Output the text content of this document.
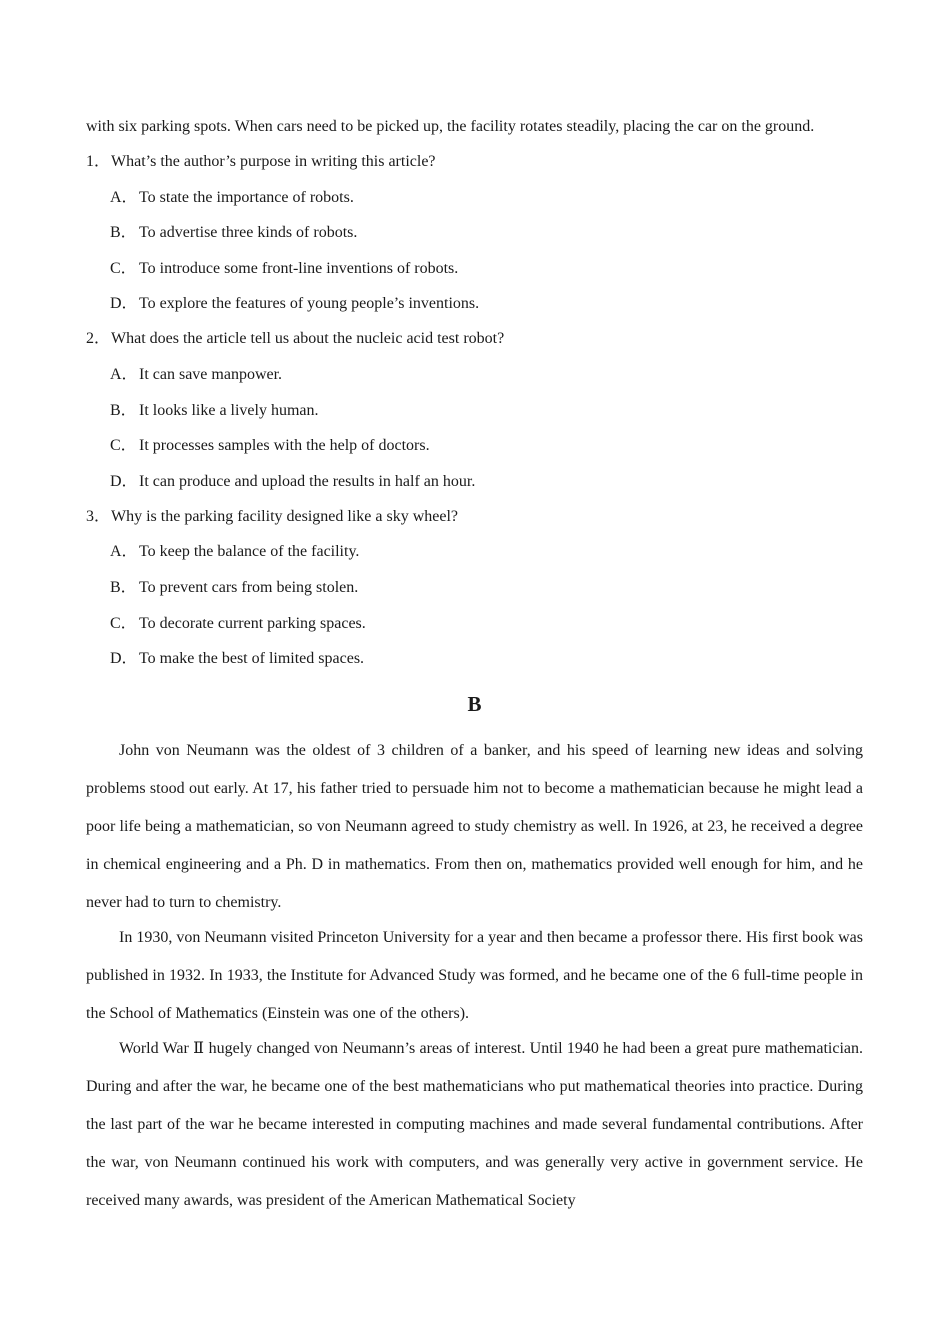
with six parking spots. When cars need to be picked up, the facility rotates steadily, placing the car on the ground.

1．What’s the author’s purpose in writing this article?
A．To state the importance of robots.
B． To advertise three kinds of robots.
C． To introduce some front-line inventions of robots.
D．To explore the features of young people’s inventions.
2．What does the article tell us about the nucleic acid test robot?
A．It can save manpower.
B． It looks like a lively human.
C． It processes samples with the help of doctors.
D．It can produce and upload the results in half an hour.
3．Why is the parking facility designed like a sky wheel?
A．To keep the balance of the facility.
B． To prevent cars from being stolen.
C． To decorate current parking spaces.
D．To make the best of limited spaces.
B

John von Neumann was the oldest of 3 children of a banker, and his speed of learning new ideas and solving problems stood out early. At 17, his father tried to persuade him not to become a mathematician because he might lead a poor life being a mathematician, so von Neumann agreed to study chemistry as well. In 1926, at 23, he received a degree in chemical engineering and a Ph. D in mathematics. From then on, mathematics provided well enough for him, and he never had to turn to chemistry.

In 1930, von Neumann visited Princeton University for a year and then became a professor there. His first book was published in 1932. In 1933, the Institute for Advanced Study was formed, and he became one of the 6 full-time people in the School of Mathematics (Einstein was one of the others).

World War Ⅱ hugely changed von Neumann’s areas of interest. Until 1940 he had been a great pure mathematician. During and after the war, he became one of the best mathematicians who put mathematical theories into practice. During the last part of the war he became interested in computing machines and made several fundamental contributions. After the war, von Neumann continued his work with computers, and was generally very active in government service. He received many awards, was president of the American Mathematical Society
